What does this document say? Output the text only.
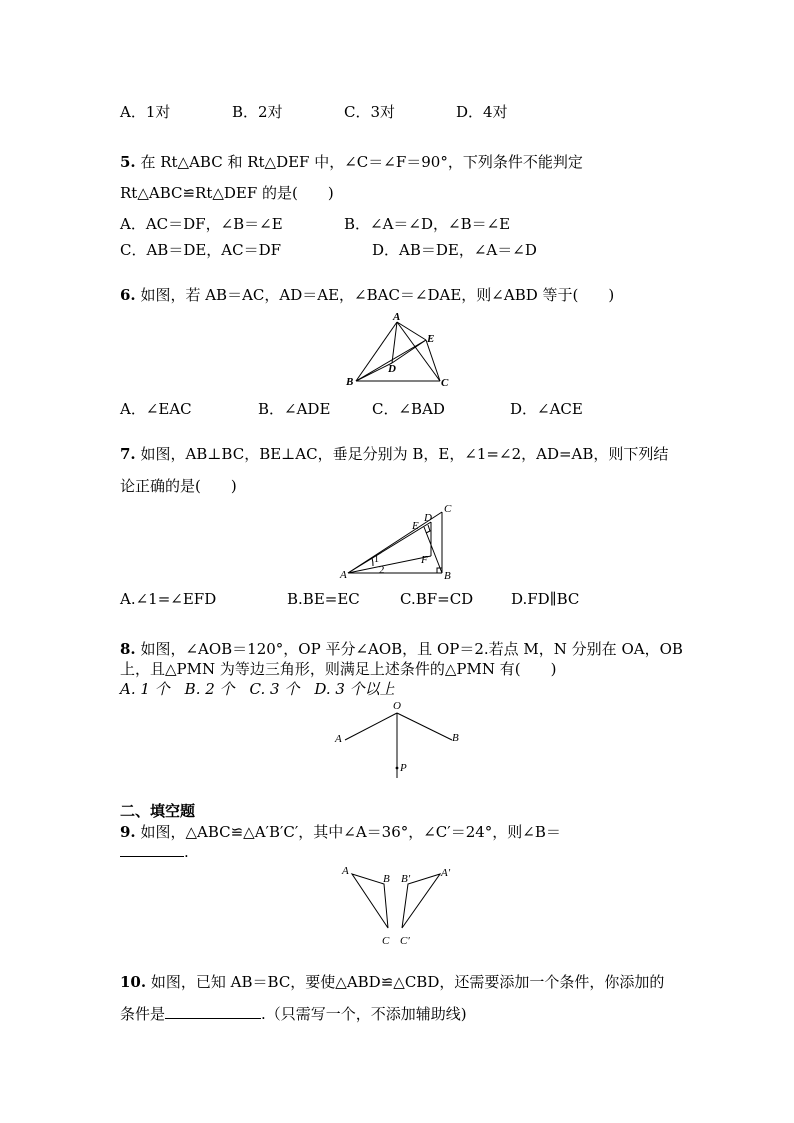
A．1对	B．2对	C．3对	D．4对
5. 在 Rt△ABC 和 Rt△DEF 中，∠C＝∠F＝90°，下列条件不能判定
Rt△ABC≌Rt△DEF 的是(　　)
A．AC＝DF，∠B＝∠E	B．∠A＝∠D，∠B＝∠E
C．AB＝DE，AC＝DF	D．AB＝DE，∠A＝∠D
6. 如图，若 AB＝AC，AD＝AE，∠BAC＝∠DAE，则∠ABD 等于(　　)
A
B	C
D
E
A．∠EAC	B．∠ADE	C．∠BAD	D．∠ACE
7. 如图，AB⊥BC，BE⊥AC，垂足分别为 B，E，∠1=∠2，AD=AB，则下列结
论正确的是(　　)
1
2
A	B
C
D
E
F
A.∠1=∠EFD	B.BE=EC	C.BF=CD	D.FD∥BC
8. 如图，∠AOB＝120°，OP 平分∠AOB，且 OP＝2.若点 M，N 分别在 OA，OB
上，且△PMN 为等边三角形，则满足上述条件的△PMN 有(　　)
A. 1 个　B. 2 个　C. 3 个　D. 3 个以上
O
A	B
P
二、填空题
9. 如图，△ABC≌△A′B′C′，其中∠A＝36°，∠C′＝24°，则∠B＝
.
A
B B′	A′
C C′
10. 如图，已知 AB＝BC，要使△ABD≌△CBD，还需要添加一个条件，你添加的
条件是	.（只需写一个，不添加辅助线)
